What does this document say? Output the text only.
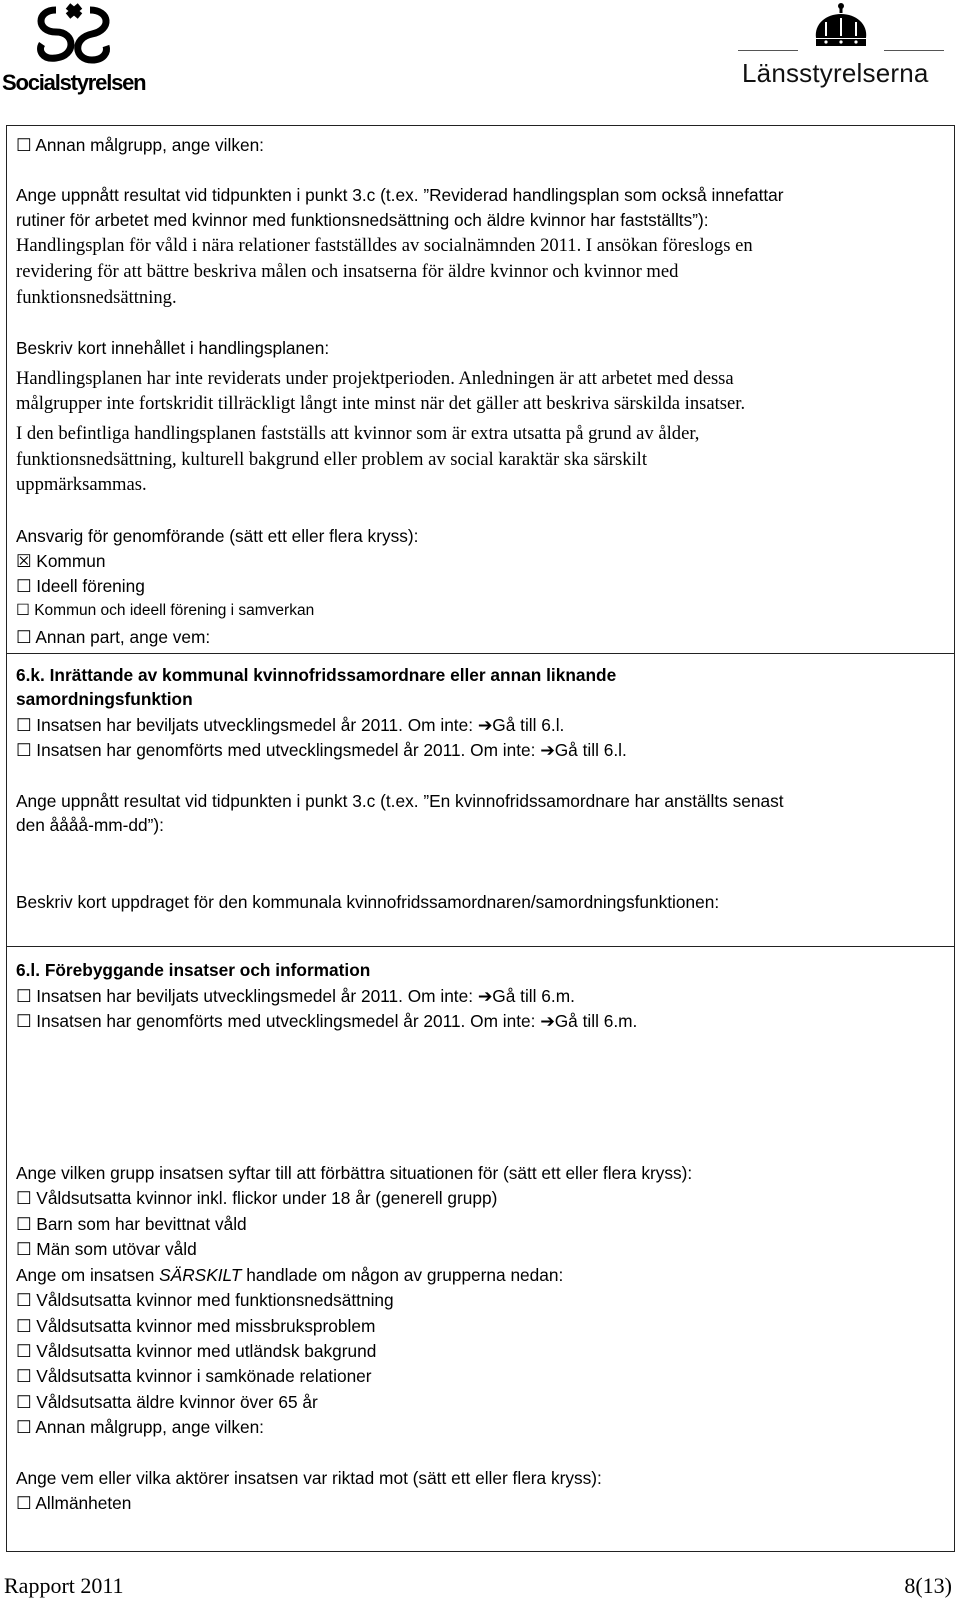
Socialstyrelsen	Länsstyrelserna
☐ Annan målgrupp, ange vilken:
Ange uppnått resultat vid tidpunkten i punkt 3.c (t.ex. ”Reviderad handlingsplan som också innefattar
rutiner för arbetet med kvinnor med funktionsnedsättning och äldre kvinnor har fastställts”):
Handlingsplan för våld i nära relationer fastställdes av socialnämnden 2011. I ansökan föreslogs en
revidering för att bättre beskriva målen och insatserna för äldre kvinnor och kvinnor med
funktionsnedsättning.
Beskriv kort innehållet i handlingsplanen:
Handlingsplanen har inte reviderats under projektperioden. Anledningen är att arbetet med dessa
målgrupper inte fortskridit tillräckligt långt inte minst när det gäller att beskriva särskilda insatser.
I den befintliga handlingsplanen fastställs att kvinnor som är extra utsatta på grund av ålder,
funktionsnedsättning, kulturell bakgrund eller problem av social karaktär ska särskilt
uppmärksammas.
Ansvarig för genomförande (sätt ett eller flera kryss):
☒ Kommun
☐ Ideell förening
☐ Kommun och ideell förening i samverkan
☐ Annan part, ange vem:
6.k. Inrättande av kommunal kvinnofridssamordnare eller annan liknande
samordningsfunktion
☐ Insatsen har beviljats utvecklingsmedel år 2011. Om inte: ➔Gå till 6.l.
☐ Insatsen har genomförts med utvecklingsmedel år 2011. Om inte: ➔Gå till 6.l.
Ange uppnått resultat vid tidpunkten i punkt 3.c (t.ex. ”En kvinnofridssamordnare har anställts senast
den åååå-mm-dd”):
Beskriv kort uppdraget för den kommunala kvinnofridssamordnaren/samordningsfunktionen:
6.l. Förebyggande insatser och information
☐ Insatsen har beviljats utvecklingsmedel år 2011. Om inte: ➔Gå till 6.m.
☐ Insatsen har genomförts med utvecklingsmedel år 2011. Om inte: ➔Gå till 6.m.
Ange vilken grupp insatsen syftar till att förbättra situationen för (sätt ett eller flera kryss):
☐ Våldsutsatta kvinnor inkl. flickor under 18 år (generell grupp)
☐ Barn som har bevittnat våld
☐ Män som utövar våld
Ange om insatsen SÄRSKILT handlade om någon av grupperna nedan:
☐ Våldsutsatta kvinnor med funktionsnedsättning
☐ Våldsutsatta kvinnor med missbruksproblem
☐ Våldsutsatta kvinnor med utländsk bakgrund
☐ Våldsutsatta kvinnor i samkönade relationer
☐ Våldsutsatta äldre kvinnor över 65 år
☐ Annan målgrupp, ange vilken:
Ange vem eller vilka aktörer insatsen var riktad mot (sätt ett eller flera kryss):
☐ Allmänheten
Rapport 2011	8(13)
